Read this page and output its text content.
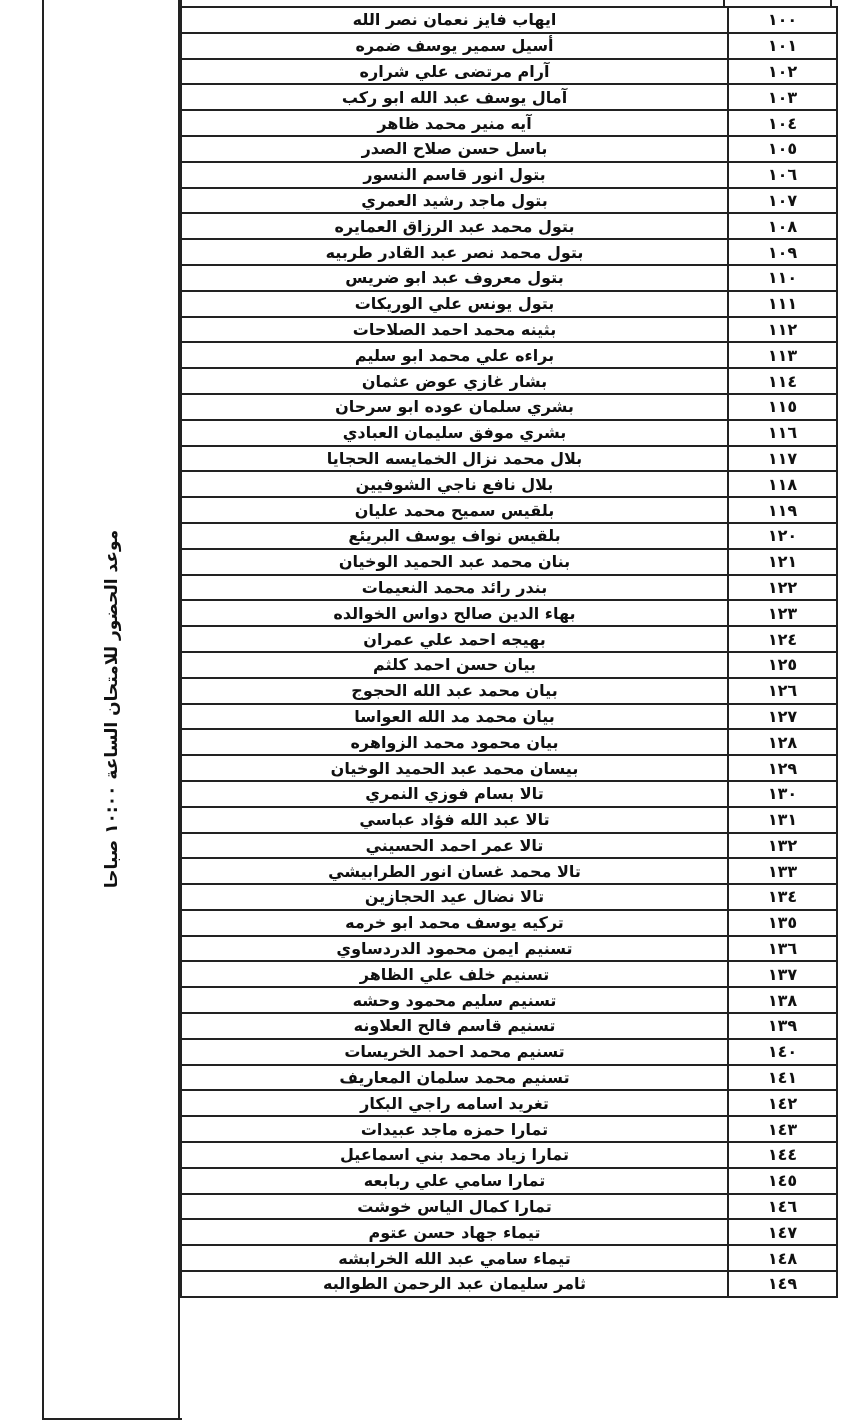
موعد الحضور للامتحان الساعة ١٠:٠٠ صباحا
١٠٠	ايهاب فايز نعمان نصر الله
١٠١	أسيل سمير يوسف ضمره
١٠٢	آرام مرتضى علي شراره
١٠٣	آمال يوسف عبد الله ابو ركب
١٠٤	آيه منير محمد ظاهر
١٠٥	باسل حسن صلاح الصدر
١٠٦	بتول انور قاسم النسور
١٠٧	بتول ماجد رشيد العمري
١٠٨	بتول محمد عبد الرزاق العمايره
١٠٩	بتول محمد نصر عبد القادر طربيه
١١٠	بتول معروف عبد ابو ضريس
١١١	بتول يونس علي الوريكات
١١٢	بثينه محمد احمد الصلاحات
١١٣	براءه علي محمد ابو سليم
١١٤	بشار غازي عوض عثمان
١١٥	بشري سلمان عوده ابو سرحان
١١٦	بشري موفق سليمان العبادي
١١٧	بلال محمد نزال الخمايسه الحجايا
١١٨	بلال نافع ناجي الشوفيين
١١٩	بلقيس سميح محمد عليان
١٢٠	بلقيس نواف يوسف البريئع
١٢١	بنان محمد عبد الحميد الوخيان
١٢٢	بندر رائد محمد النعيمات
١٢٣	بهاء الدين صالح دواس الخوالده
١٢٤	بهيجه احمد علي عمران
١٢٥	بيان حسن احمد كلثم
١٢٦	بيان محمد عبد الله الحجوج
١٢٧	بيان محمد مد الله العواسا
١٢٨	بيان محمود محمد الزواهره
١٢٩	بيسان محمد عبد الحميد الوخيان
١٣٠	تالا بسام فوزي النمري
١٣١	تالا عبد الله فؤاد عباسي
١٣٢	تالا عمر احمد الحسيني
١٣٣	تالا محمد غسان انور الطرابيشي
١٣٤	تالا نضال عيد الحجازين
١٣٥	تركيه يوسف محمد ابو خرمه
١٣٦	تسنيم ايمن محمود الدردساوي
١٣٧	تسنيم خلف علي الظاهر
١٣٨	تسنيم سليم محمود وحشه
١٣٩	تسنيم قاسم فالح العلاونه
١٤٠	تسنيم محمد احمد الخريسات
١٤١	تسنيم محمد سلمان المعاريف
١٤٢	تغريد اسامه راجي البكار
١٤٣	تمارا حمزه ماجد عبيدات
١٤٤	تمارا زياد محمد بني اسماعيل
١٤٥	تمارا سامي علي ربابعه
١٤٦	تمارا كمال الياس خوشت
١٤٧	تيماء جهاد حسن عتوم
١٤٨	تيماء سامي عبد الله الخرابشه
١٤٩	ثامر سليمان عبد الرحمن الطوالبه
